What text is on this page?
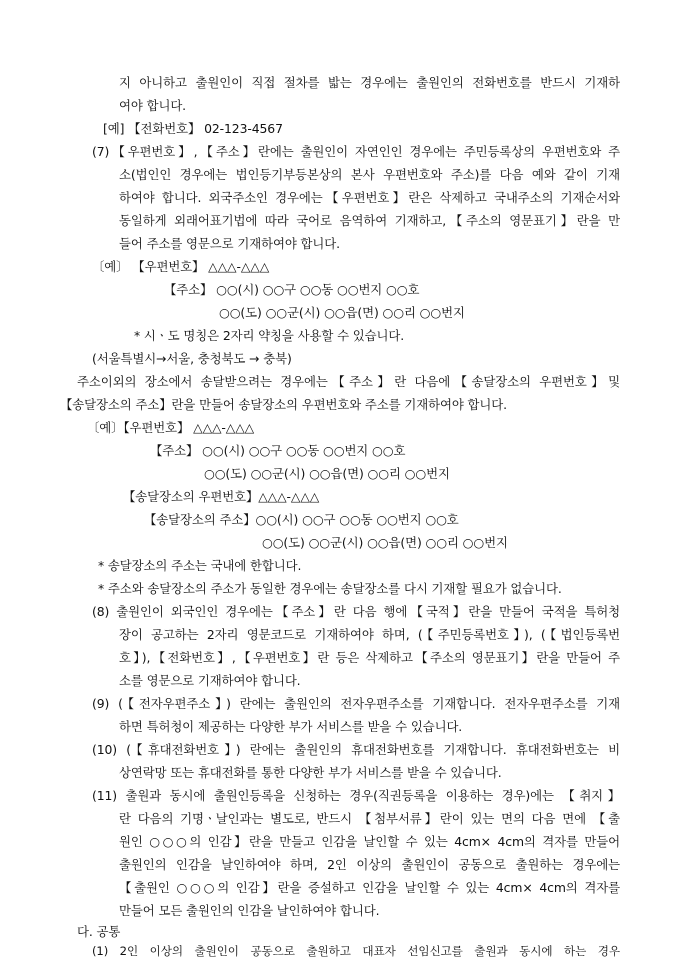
지 아니하고 출원인이 직접 절차를 밟는 경우에는 출원인의 전화번호를 반드시 기재하
여야 합니다.
[예] 【전화번호】 02-123-4567
(7)【우편번호】,【주소】란에는 출원인이 자연인인 경우에는 주민등록상의 우편번호와 주
소(법인인 경우에는 법인등기부등본상의 본사 우편번호와 주소)를 다음 예와 같이 기재
하여야 합니다. 외국주소인 경우에는【우편번호】란은 삭제하고 국내주소의 기재순서와
동일하게 외래어표기법에 따라 국어로 음역하여 기재하고,【주소의 영문표기】란을 만
들어 주소를 영문으로 기재하여야 합니다.
〔예〕 【우편번호】 △△△-△△△
【주소】 ○○(시) ○○구 ○○동 ○○번지 ○○호
○○(도) ○○군(시) ○○읍(면) ○○리 ○○번지
* 시ㆍ도 명칭은 2자리 약칭을 사용할 수 있습니다.
(서울특별시→서울, 충청북도 → 충북)
주소이외의 장소에서 송달받으려는 경우에는【주소】란 다음에【송달장소의 우편번호】및
【송달장소의 주소】란을 만들어 송달장소의 우편번호와 주소를 기재하여야 합니다.
〔예〕【우편번호】 △△△-△△△
【주소】 ○○(시) ○○구 ○○동 ○○번지 ○○호
○○(도) ○○군(시) ○○읍(면) ○○리 ○○번지
【송달장소의 우편번호】△△△-△△△
【송달장소의 주소】○○(시) ○○구 ○○동 ○○번지 ○○호
○○(도) ○○군(시) ○○읍(면) ○○리 ○○번지
* 송달장소의 주소는 국내에 한합니다.
* 주소와 송달장소의 주소가 동일한 경우에는 송달장소를 다시 기재할 필요가 없습니다.
(8) 출원인이 외국인인 경우에는【주소】란 다음 행에【국적】란을 만들어 국적을 특허청
장이 공고하는 2자리 영문코드로 기재하여야 하며, (【주민등록번호】), (【법인등록번
호】),【전화번호】,【우편번호】란 등은 삭제하고【주소의 영문표기】란을 만들어 주
소를 영문으로 기재하여야 합니다.
(9) (【전자우편주소】) 란에는 출원인의 전자우편주소를 기재합니다. 전자우편주소를 기재
하면 특허청이 제공하는 다양한 부가 서비스를 받을 수 있습니다.
(10) (【휴대전화번호】) 란에는 출원인의 휴대전화번호를 기재합니다. 휴대전화번호는 비
상연락망 또는 휴대전화를 통한 다양한 부가 서비스를 받을 수 있습니다.
(11) 출원과 동시에 출원인등록을 신청하는 경우(직권등록을 이용하는 경우)에는 【취지】
란 다음의 기명ㆍ날인과는 별도로, 반드시 【첨부서류】란이 있는 면의 다음 면에 【출
원인 ○○○의 인감】란을 만들고 인감을 날인할 수 있는 4cm× 4cm의 격자를 만들어
출원인의 인감을 날인하여야 하며, 2인 이상의 출원인이 공동으로 출원하는 경우에는
【출원인 ○○○의 인감】란을 증설하고 인감을 날인할 수 있는 4cm× 4cm의 격자를
만들어 모든 출원인의 인감을 날인하여야 합니다.
다. 공통
(1) 2인 이상의 출원인이 공동으로 출원하고 대표자 선임신고를 출원과 동시에 하는 경우
